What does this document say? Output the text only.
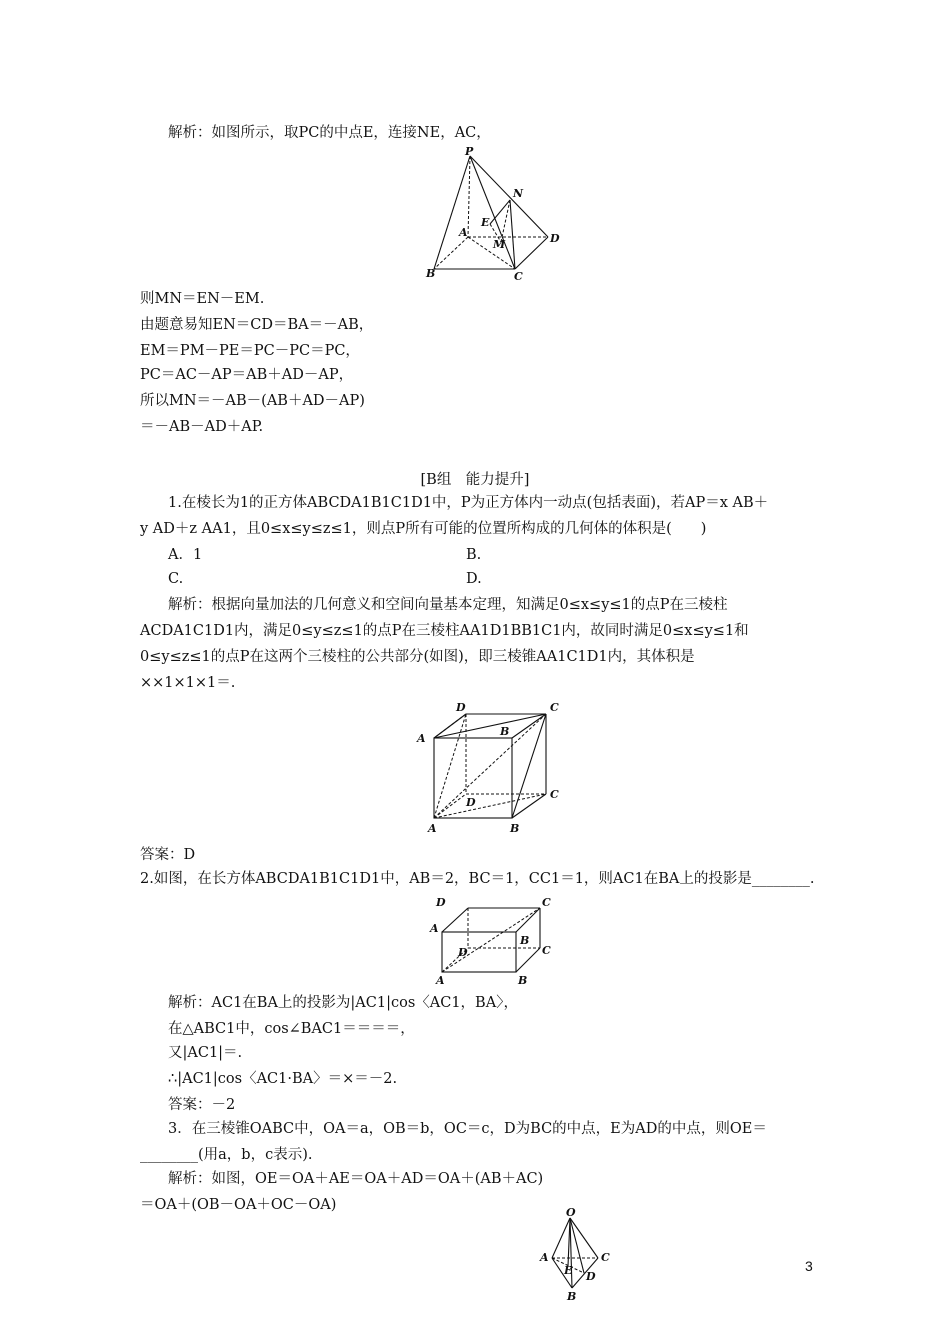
解析：如图所示，取PC的中点E，连接NE，AC，
P
N
E
A
M	D
B	C
则MN＝EN－EM.
由题意易知EN＝CD＝BA＝－AB，
EM＝PM－PE＝PC－PC＝PC，
PC＝AC－AP＝AB＋AD－AP，
所以MN＝－AB－(AB＋AD－AP)
＝－AB－AD＋AP.
[B组　能力提升]
1.在棱长为1的正方体ABCDA1B1C1D1中，P为正方体内一动点(包括表面)，若AP＝x AB＋
y AD＋z AA1，且0≤x≤y≤z≤1，则点P所有可能的位置所构成的几何体的体积是(　　)
A．1	B.
C.	D.
解析：根据向量加法的几何意义和空间向量基本定理，知满足0≤x≤y≤1的点P在三棱柱
ACDA1C1D1内，满足0≤y≤z≤1的点P在三棱柱AA1D1BB1C1内，故同时满足0≤x≤y≤1和
0≤y≤z≤1的点P在这两个三棱柱的公共部分(如图)，即三棱锥AA1C1D1内，其体积是
××1×1×1＝.
D	C
A
B
D
C
A	B
答案：D
2.如图，在长方体ABCDA1B1C1D1中，AB＝2，BC＝1，CC1＝1，则AC1在BA上的投影是________.
D	C
A
B
D	C
A	B
解析：AC1在BA上的投影为|AC1|cos〈AC1，BA〉，
在△ABC1中，cos∠BAC1＝＝＝＝，
又|AC1|＝.
∴|AC1|cos〈AC1·BA〉＝×＝－2.
答案：－2
3．在三棱锥OABC中，OA＝a，OB＝b，OC＝c，D为BC的中点，E为AD的中点，则OE＝
________(用a，b，c表示).
解析：如图，OE＝OA＋AE＝OA＋AD＝OA＋(AB＋AC)
＝OA＋(OB－OA＋OC－OA)	O
A	C
E D
B
3
